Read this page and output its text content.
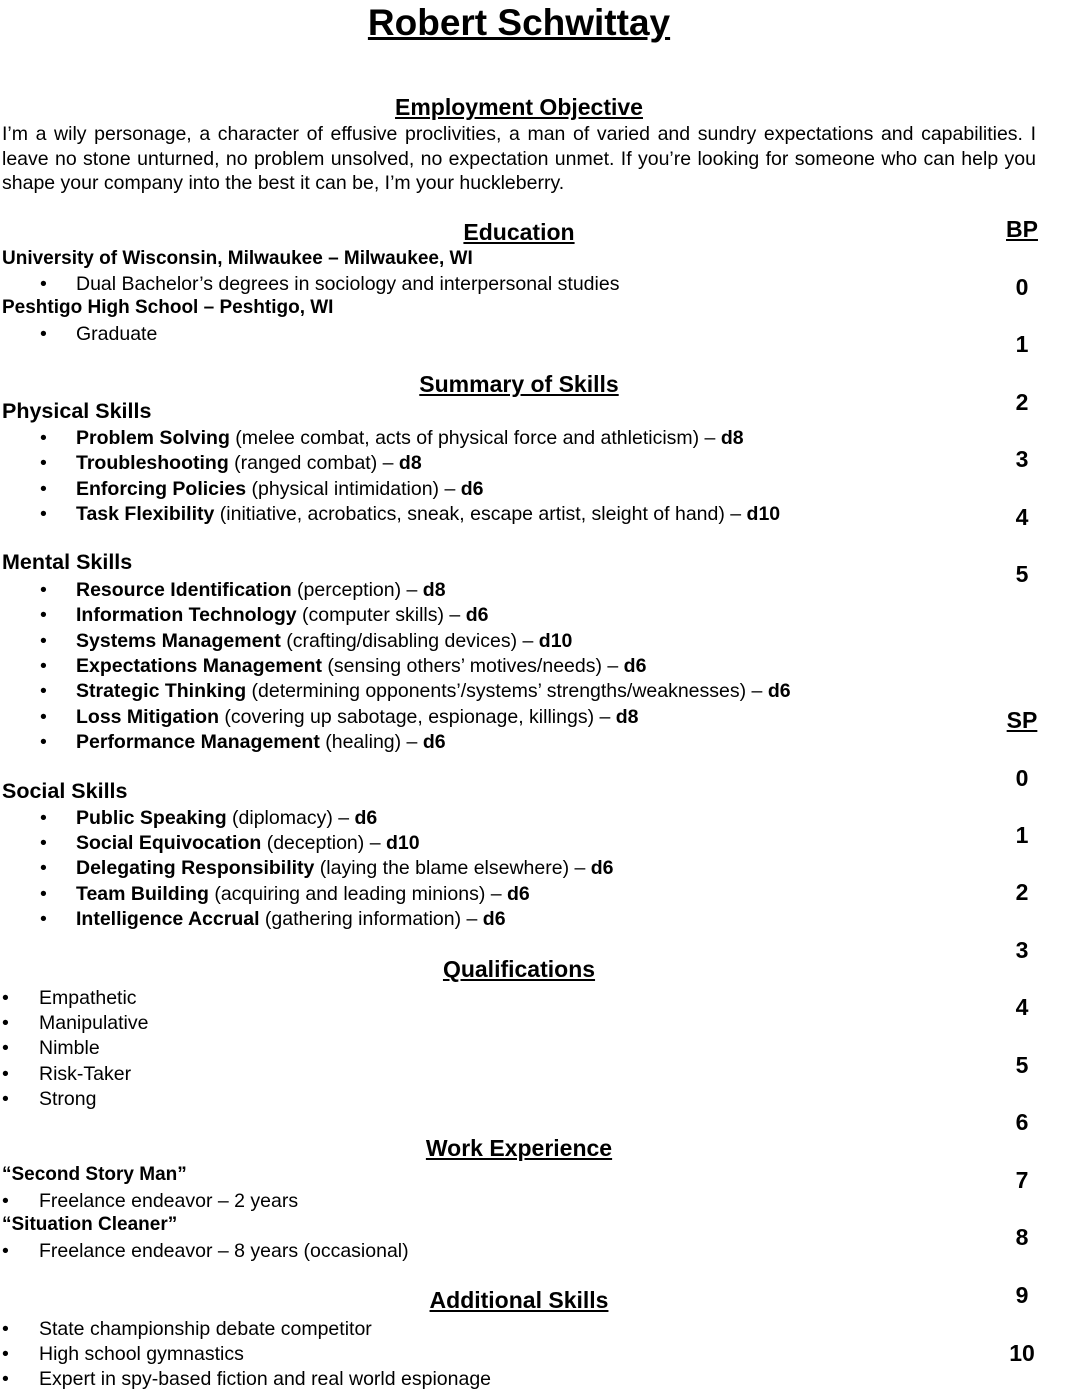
Robert Schwittay
Employment Objective
I’m a wily personage, a character of effusive proclivities, a man of varied and sundry expectations and capabilities. I leave no stone unturned, no problem unsolved, no expectation unmet. If you’re looking for someone who can help you shape your company into the best it can be, I’m your huckleberry.
Education
University of Wisconsin, Milwaukee – Milwaukee, WI
• Dual Bachelor’s degrees in sociology and interpersonal studies
Peshtigo High School – Peshtigo, WI
• Graduate
Summary of Skills
Physical Skills
• Problem Solving (melee combat, acts of physical force and athleticism) – d8
• Troubleshooting (ranged combat) – d8
• Enforcing Policies (physical intimidation) – d6
• Task Flexibility (initiative, acrobatics, sneak, escape artist, sleight of hand) – d10
Mental Skills
• Resource Identification (perception) – d8
• Information Technology (computer skills) – d6
• Systems Management (crafting/disabling devices) – d10
• Expectations Management (sensing others’ motives/needs) – d6
• Strategic Thinking (determining opponents’/systems’ strengths/weaknesses) – d6
• Loss Mitigation (covering up sabotage, espionage, killings) – d8
• Performance Management (healing) – d6
Social Skills
• Public Speaking (diplomacy) – d6
• Social Equivocation (deception) – d10
• Delegating Responsibility (laying the blame elsewhere) – d6
• Team Building (acquiring and leading minions) – d6
• Intelligence Accrual (gathering information) – d6
Qualifications
• Empathetic
• Manipulative
• Nimble
• Risk-Taker
• Strong
Work Experience
“Second Story Man”
• Freelance endeavor – 2 years
“Situation Cleaner”
• Freelance endeavor – 8 years (occasional)
Additional Skills
• State championship debate competitor
• High school gymnastics
• Expert in spy-based fiction and real world espionage
BP
0
1
2
3
4
5
SP
0
1
2
3
4
5
6
7
8
9
10
